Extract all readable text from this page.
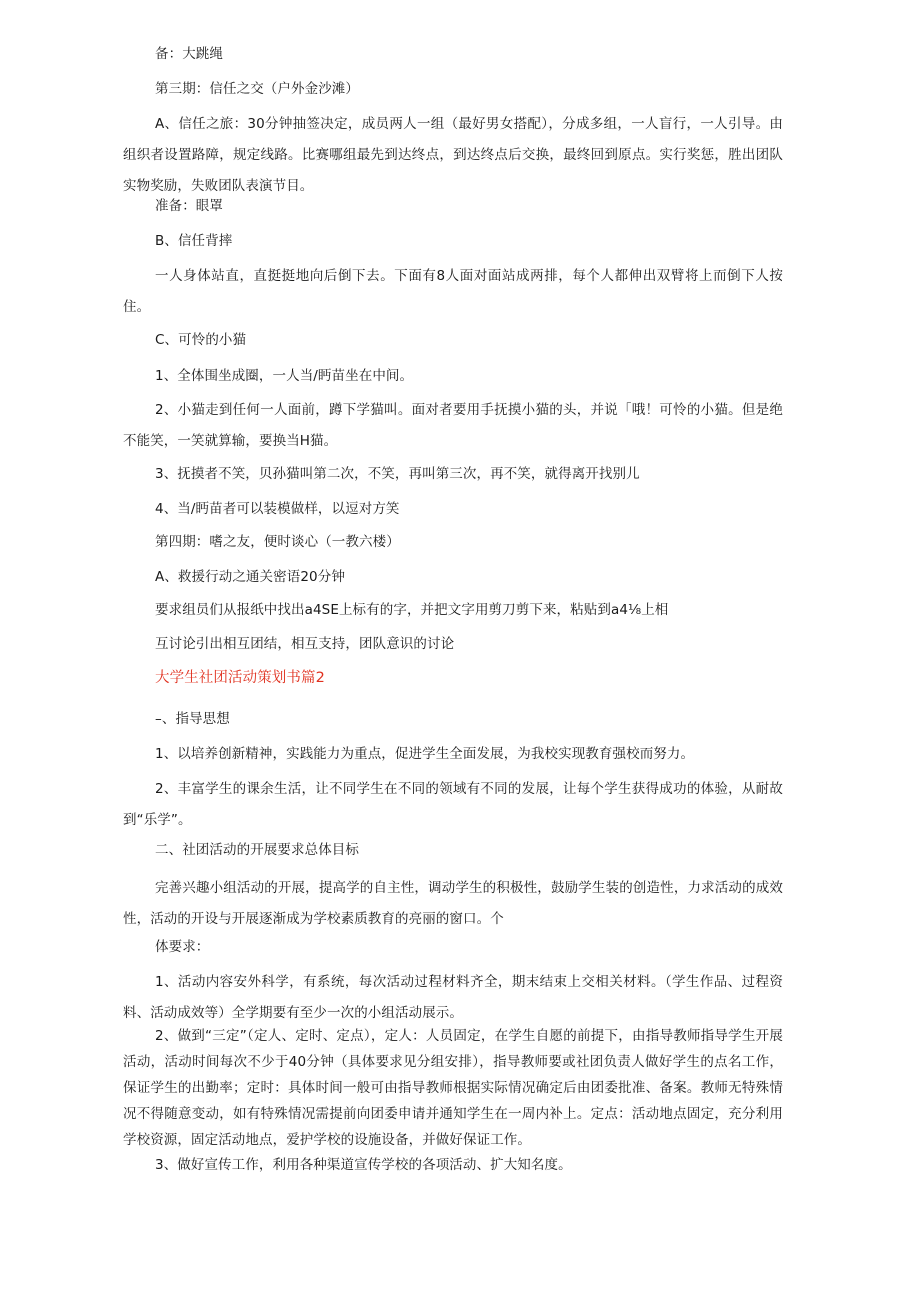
备：大跳绳

第三期：信任之交（户外金沙滩）

A、信任之旅：30分钟抽签决定，成员两人一组（最好男女搭配），分成多组，一人盲行，一人引导。由组织者设置路障，规定线路。比赛哪组最先到达终点，到达终点后交换，最终回到原点。实行奖惩，胜出团队实物奖励，失败团队表演节目。

准备：眼罩

B、信任背摔

一人身体站直，直挺挺地向后倒下去。下面有8人面对面站成两排，每个人都伸出双臂将上而倒下人按住。

C、可怜的小猫

1、全体围坐成圈，一人当/眄苗坐在中间。

2、小猫走到任何一人面前，蹲下学猫叫。面对者要用手抚摸小猫的头，并说「哦！可怜的小猫。但是绝不能笑，一笑就算输，要换当H猫。

3、抚摸者不笑，贝孙猫叫第二次，不笑，再叫第三次，再不笑，就得离开找别儿

4、当/眄苗者可以装模做样，以逗对方笑

第四期：嗜之友，便时谈心（一教六楼）

A、救援行动之通关密语20分钟

要求组员们从报纸中找出a4SE上标有的字，并把文字用剪刀剪下来，粘贴到a4⅛上相

互讨论引出相互团结，相互支持，团队意识的讨论

大学生社团活动策划书篇2

–、指导思想

1、以培养创新精神，实践能力为重点，促进学生全面发展，为我校实现教育强校而努力。

2、丰富学生的课余生活，让不同学生在不同的领域有不同的发展，让每个学生获得成功的体验，从耐故到“乐学”。

二、社团活动的开展要求总体目标

完善兴趣小组活动的开展，提高学的自主性，调动学生的积极性，鼓励学生装的创造性，力求活动的成效性，活动的开设与开展逐渐成为学校素质教育的亮丽的窗口。个

体要求：

1、活动内容安外科学，有系统，每次活动过程材料齐全，期末结束上交相关材料。（学生作品、过程资料、活动成效等）全学期要有至少一次的小组活动展示。

2、做到“三定”（定人、定时、定点），定人：人员固定，在学生自愿的前提下，由指导教师指导学生开展活动，活动时间每次不少于40分钟（具体要求见分组安排），指导教师要或社团负责人做好学生的点名工作，保证学生的出勤率；定时：具体时间一般可由指导教师根据实际情况确定后由团委批准、备案。教师无特殊情况不得随意变动，如有特殊情况需提前向团委申请并通知学生在一周内补上。定点：活动地点固定，充分利用学校资源，固定活动地点，爱护学校的设施设备，并做好保证工作。

3、做好宣传工作，利用各种渠道宣传学校的各项活动、扩大知名度。
